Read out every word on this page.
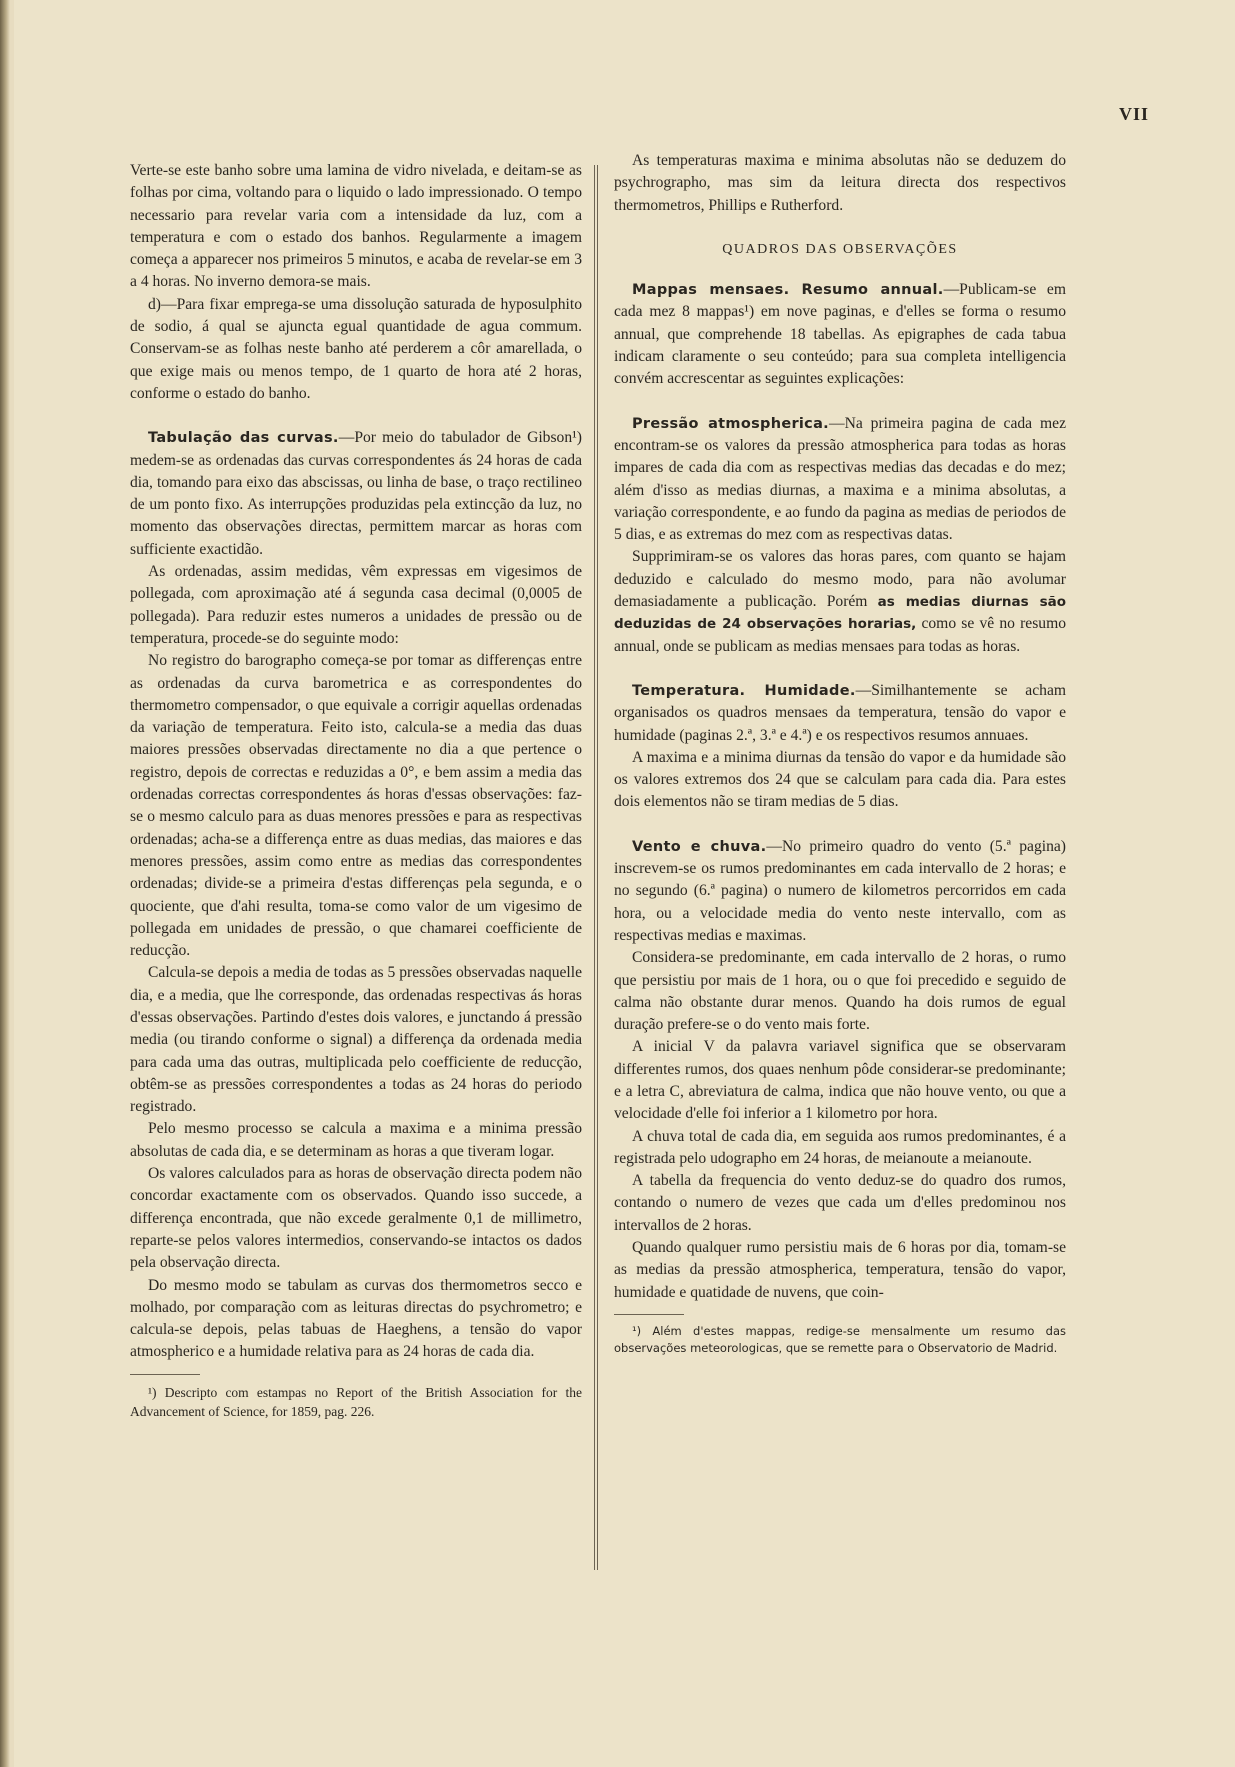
VII

Verte-se este banho sobre uma lamina de vidro nivelada, e deitam-se as folhas por cima, voltando para o liquido o lado impressionado. O tempo necessario para revelar varia com a intensidade da luz, com a temperatura e com o estado dos banhos. Regularmente a imagem começa a apparecer nos primeiros 5 minutos, e acaba de revelar-se em 3 a 4 horas. No inverno demora-se mais.

d)—Para fixar emprega-se uma dissolução saturada de hyposulphito de sodio, á qual se ajuncta egual quantidade de agua commum. Conservam-se as folhas neste banho até perderem a côr amarellada, o que exige mais ou menos tempo, de 1 quarto de hora até 2 horas, conforme o estado do banho.

Tabulação das curvas.—Por meio do tabulador de Gibson¹) medem-se as ordenadas das curvas correspondentes ás 24 horas de cada dia, tomando para eixo das abscissas, ou linha de base, o traço rectilineo de um ponto fixo. As interrupções produzidas pela extincção da luz, no momento das observações directas, permittem marcar as horas com sufficiente exactidão.

As ordenadas, assim medidas, vêm expressas em vigesimos de pollegada, com aproximação até á segunda casa decimal (0,0005 de pollegada). Para reduzir estes numeros a unidades de pressão ou de temperatura, procede-se do seguinte modo:

No registro do barographo começa-se por tomar as differenças entre as ordenadas da curva barometrica e as correspondentes do thermometro compensador, o que equivale a corrigir aquellas ordenadas da variação de temperatura. Feito isto, calcula-se a media das duas maiores pressões observadas directamente no dia a que pertence o registro, depois de correctas e reduzidas a 0°, e bem assim a media das ordenadas correctas correspondentes ás horas d'essas observações: faz-se o mesmo calculo para as duas menores pressões e para as respectivas ordenadas; acha-se a differença entre as duas medias, das maiores e das menores pressões, assim como entre as medias das correspondentes ordenadas; divide-se a primeira d'estas differenças pela segunda, e o quociente, que d'ahi resulta, toma-se como valor de um vigesimo de pollegada em unidades de pressão, o que chamarei coefficiente de reducção.

Calcula-se depois a media de todas as 5 pressões observadas naquelle dia, e a media, que lhe corresponde, das ordenadas respectivas ás horas d'essas observações. Partindo d'estes dois valores, e junctando á pressão media (ou tirando conforme o signal) a differença da ordenada media para cada uma das outras, multiplicada pelo coefficiente de reducção, obtêm-se as pressões correspondentes a todas as 24 horas do periodo registrado.

Pelo mesmo processo se calcula a maxima e a minima pressão absolutas de cada dia, e se determinam as horas a que tiveram logar.

Os valores calculados para as horas de observação directa podem não concordar exactamente com os observados. Quando isso succede, a differença encontrada, que não excede geralmente 0,1 de millimetro, reparte-se pelos valores intermedios, conservando-se intactos os dados pela observação directa.

Do mesmo modo se tabulam as curvas dos thermometros secco e molhado, por comparação com as leituras directas do psychrometro; e calcula-se depois, pelas tabuas de Haeghens, a tensão do vapor atmospherico e a humidade relativa para as 24 horas de cada dia.

¹) Descripto com estampas no Report of the British Association for the Advancement of Science, for 1859, pag. 226.

As temperaturas maxima e minima absolutas não se deduzem do psychrographo, mas sim da leitura directa dos respectivos thermometros, Phillips e Rutherford.

QUADROS DAS OBSERVAÇÕES

Mappas mensaes. Resumo annual.—Publicam-se em cada mez 8 mappas¹) em nove paginas, e d'elles se forma o resumo annual, que comprehende 18 tabellas. As epigraphes de cada tabua indicam claramente o seu conteúdo; para sua completa intelligencia convém accrescentar as seguintes explicações:

Pressão atmospherica.—Na primeira pagina de cada mez encontram-se os valores da pressão atmospherica para todas as horas impares de cada dia com as respectivas medias das decadas e do mez; além d'isso as medias diurnas, a maxima e a minima absolutas, a variação correspondente, e ao fundo da pagina as medias de periodos de 5 dias, e as extremas do mez com as respectivas datas.

Supprimiram-se os valores das horas pares, com quanto se hajam deduzido e calculado do mesmo modo, para não avolumar demasiadamente a publicação. Porém as medias diurnas são deduzidas de 24 observações horarias, como se vê no resumo annual, onde se publicam as medias mensaes para todas as horas.

Temperatura. Humidade.—Similhantemente se acham organisados os quadros mensaes da temperatura, tensão do vapor e humidade (paginas 2.ª, 3.ª e 4.ª) e os respectivos resumos annuaes.

A maxima e a minima diurnas da tensão do vapor e da humidade são os valores extremos dos 24 que se calculam para cada dia. Para estes dois elementos não se tiram medias de 5 dias.

Vento e chuva.—No primeiro quadro do vento (5.ª pagina) inscrevem-se os rumos predominantes em cada intervallo de 2 horas; e no segundo (6.ª pagina) o numero de kilometros percorridos em cada hora, ou a velocidade media do vento neste intervallo, com as respectivas medias e maximas.

Considera-se predominante, em cada intervallo de 2 horas, o rumo que persistiu por mais de 1 hora, ou o que foi precedido e seguido de calma não obstante durar menos. Quando ha dois rumos de egual duração prefere-se o do vento mais forte.

A inicial V da palavra variavel significa que se observaram differentes rumos, dos quaes nenhum pôde considerar-se predominante; e a letra C, abreviatura de calma, indica que não houve vento, ou que a velocidade d'elle foi inferior a 1 kilometro por hora.

A chuva total de cada dia, em seguida aos rumos predominantes, é a registrada pelo udographo em 24 horas, de meianoute a meianoute.

A tabella da frequencia do vento deduz-se do quadro dos rumos, contando o numero de vezes que cada um d'elles predominou nos intervallos de 2 horas.

Quando qualquer rumo persistiu mais de 6 horas por dia, tomam-se as medias da pressão atmospherica, temperatura, tensão do vapor, humidade e quatidade de nuvens, que coin-

¹) Além d'estes mappas, redige-se mensalmente um resumo das observações meteorologicas, que se remette para o Observatorio de Madrid.
